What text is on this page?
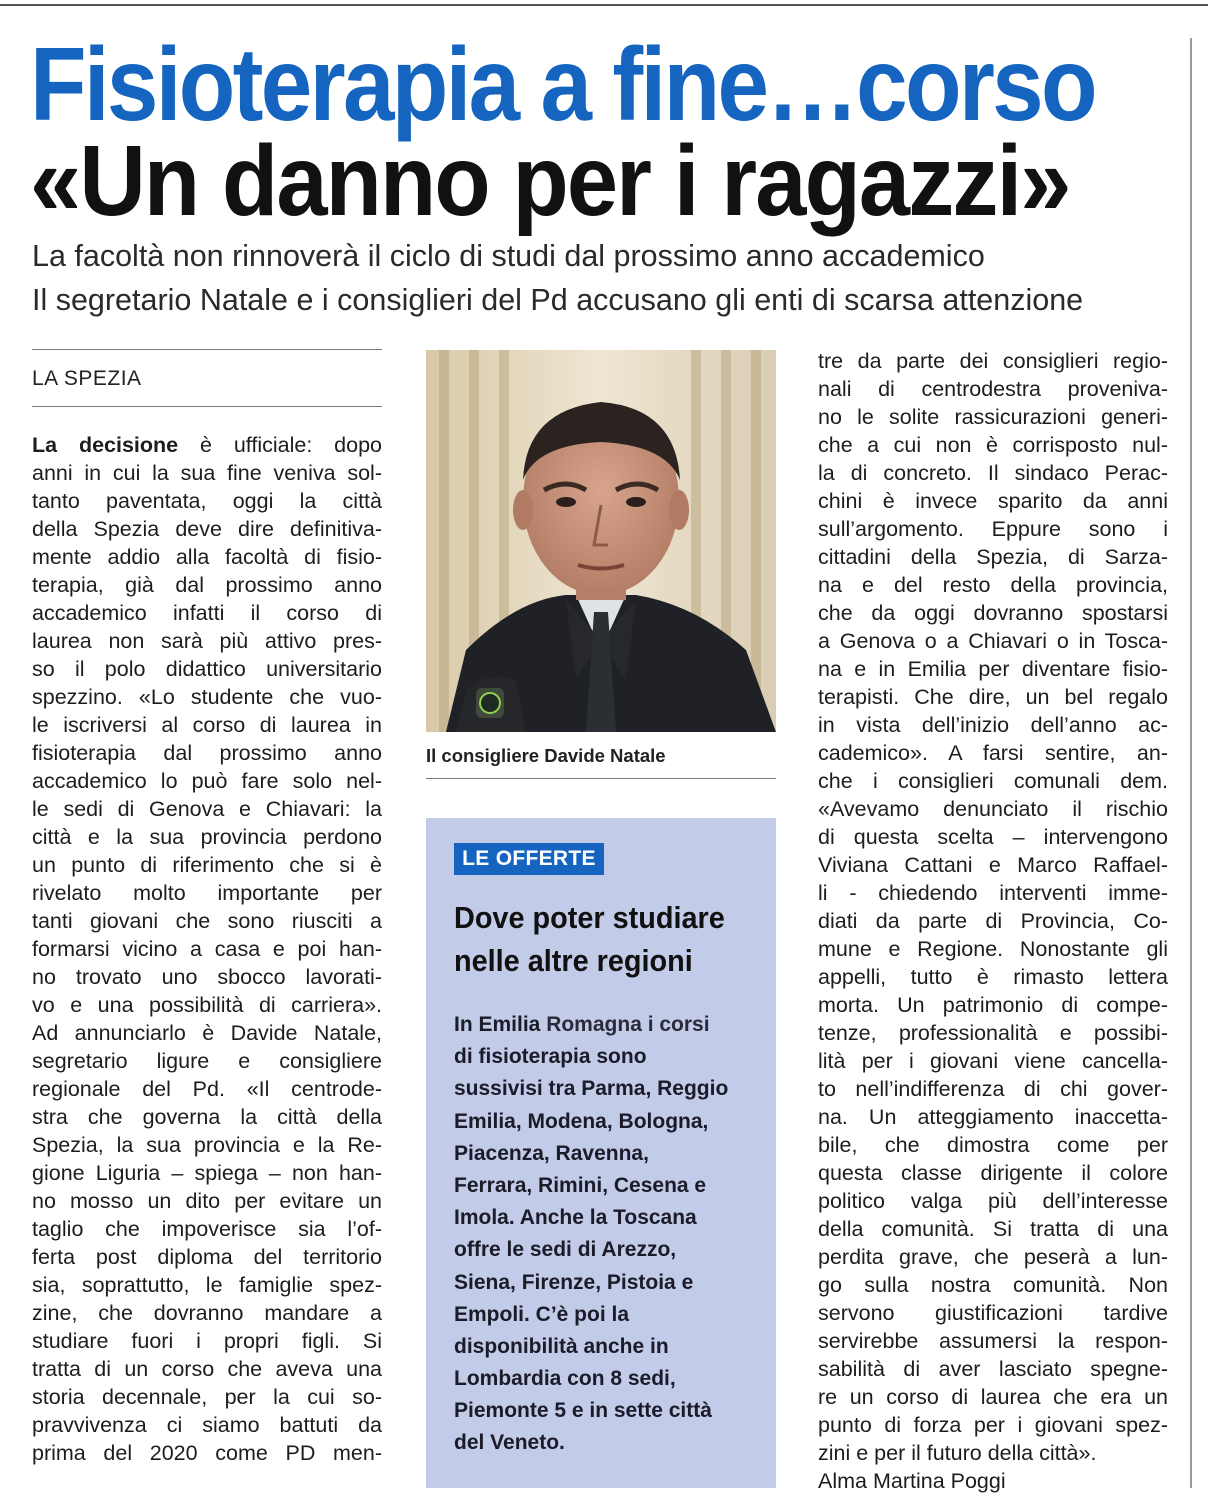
Fisioterapia a fine…corso
«Un danno per i ragazzi»
La facoltà non rinnoverà il ciclo di studi dal prossimo anno accademico
Il segretario Natale e i consiglieri del Pd accusano gli enti di scarsa attenzione
LA SPEZIA
La decisione è ufficiale: dopo
anni in cui la sua fine veniva sol-
tanto paventata, oggi la città
della Spezia deve dire definitiva-
mente addio alla facoltà di fisio-
terapia, già dal prossimo anno
accademico infatti il corso di
laurea non sarà più attivo pres-
so il polo didattico universitario
spezzino. «Lo studente che vuo-
le iscriversi al corso di laurea in
fisioterapia dal prossimo anno
accademico lo può fare solo nel-
le sedi di Genova e Chiavari: la
città e la sua provincia perdono
un punto di riferimento che si è
rivelato molto importante per
tanti giovani che sono riusciti a
formarsi vicino a casa e poi han-
no trovato uno sbocco lavorati-
vo e una possibilità di carriera».
Ad annunciarlo è Davide Natale,
segretario ligure e consigliere
regionale del Pd. «Il centrode-
stra che governa la città della
Spezia, la sua provincia e la Re-
gione Liguria – spiega – non han-
no mosso un dito per evitare un
taglio che impoverisce sia l’of-
ferta post diploma del territorio
sia, soprattutto, le famiglie spez-
zine, che dovranno mandare a
studiare fuori i propri figli. Si
tratta di un corso che aveva una
storia decennale, per la cui so-
pravvivenza ci siamo battuti da
prima del 2020 come PD men-
Il consigliere Davide Natale
LE OFFERTE
Dove poter studiare
nelle altre regioni
In Emilia Romagna i corsi
di fisioterapia sono
sussivisi tra Parma, Reggio
Emilia, Modena, Bologna,
Piacenza, Ravenna,
Ferrara, Rimini, Cesena e
Imola. Anche la Toscana
offre le sedi di Arezzo,
Siena, Firenze, Pistoia e
Empoli. C’è poi la
disponibilità anche in
Lombardia con 8 sedi,
Piemonte 5 e in sette città
del Veneto.
tre da parte dei consiglieri regio-
nali di centrodestra proveniva-
no le solite rassicurazioni generi-
che a cui non è corrisposto nul-
la di concreto. Il sindaco Perac-
chini è invece sparito da anni
sull’argomento. Eppure sono i
cittadini della Spezia, di Sarza-
na e del resto della provincia,
che da oggi dovranno spostarsi
a Genova o a Chiavari o in Tosca-
na e in Emilia per diventare fisio-
terapisti. Che dire, un bel regalo
in vista dell’inizio dell’anno ac-
cademico». A farsi sentire, an-
che i consiglieri comunali dem.
«Avevamo denunciato il rischio
di questa scelta – intervengono
Viviana Cattani e Marco Raffael-
li - chiedendo interventi imme-
diati da parte di Provincia, Co-
mune e Regione. Nonostante gli
appelli, tutto è rimasto lettera
morta. Un patrimonio di compe-
tenze, professionalità e possibi-
lità per i giovani viene cancella-
to nell’indifferenza di chi gover-
na. Un atteggiamento inaccetta-
bile, che dimostra come per
questa classe dirigente il colore
politico valga più dell’interesse
della comunità. Si tratta di una
perdita grave, che peserà a lun-
go sulla nostra comunità. Non
servono giustificazioni tardive
servirebbe assumersi la respon-
sabilità di aver lasciato spegne-
re un corso di laurea che era un
punto di forza per i giovani spez-
zini e per il futuro della città».
Alma Martina Poggi
